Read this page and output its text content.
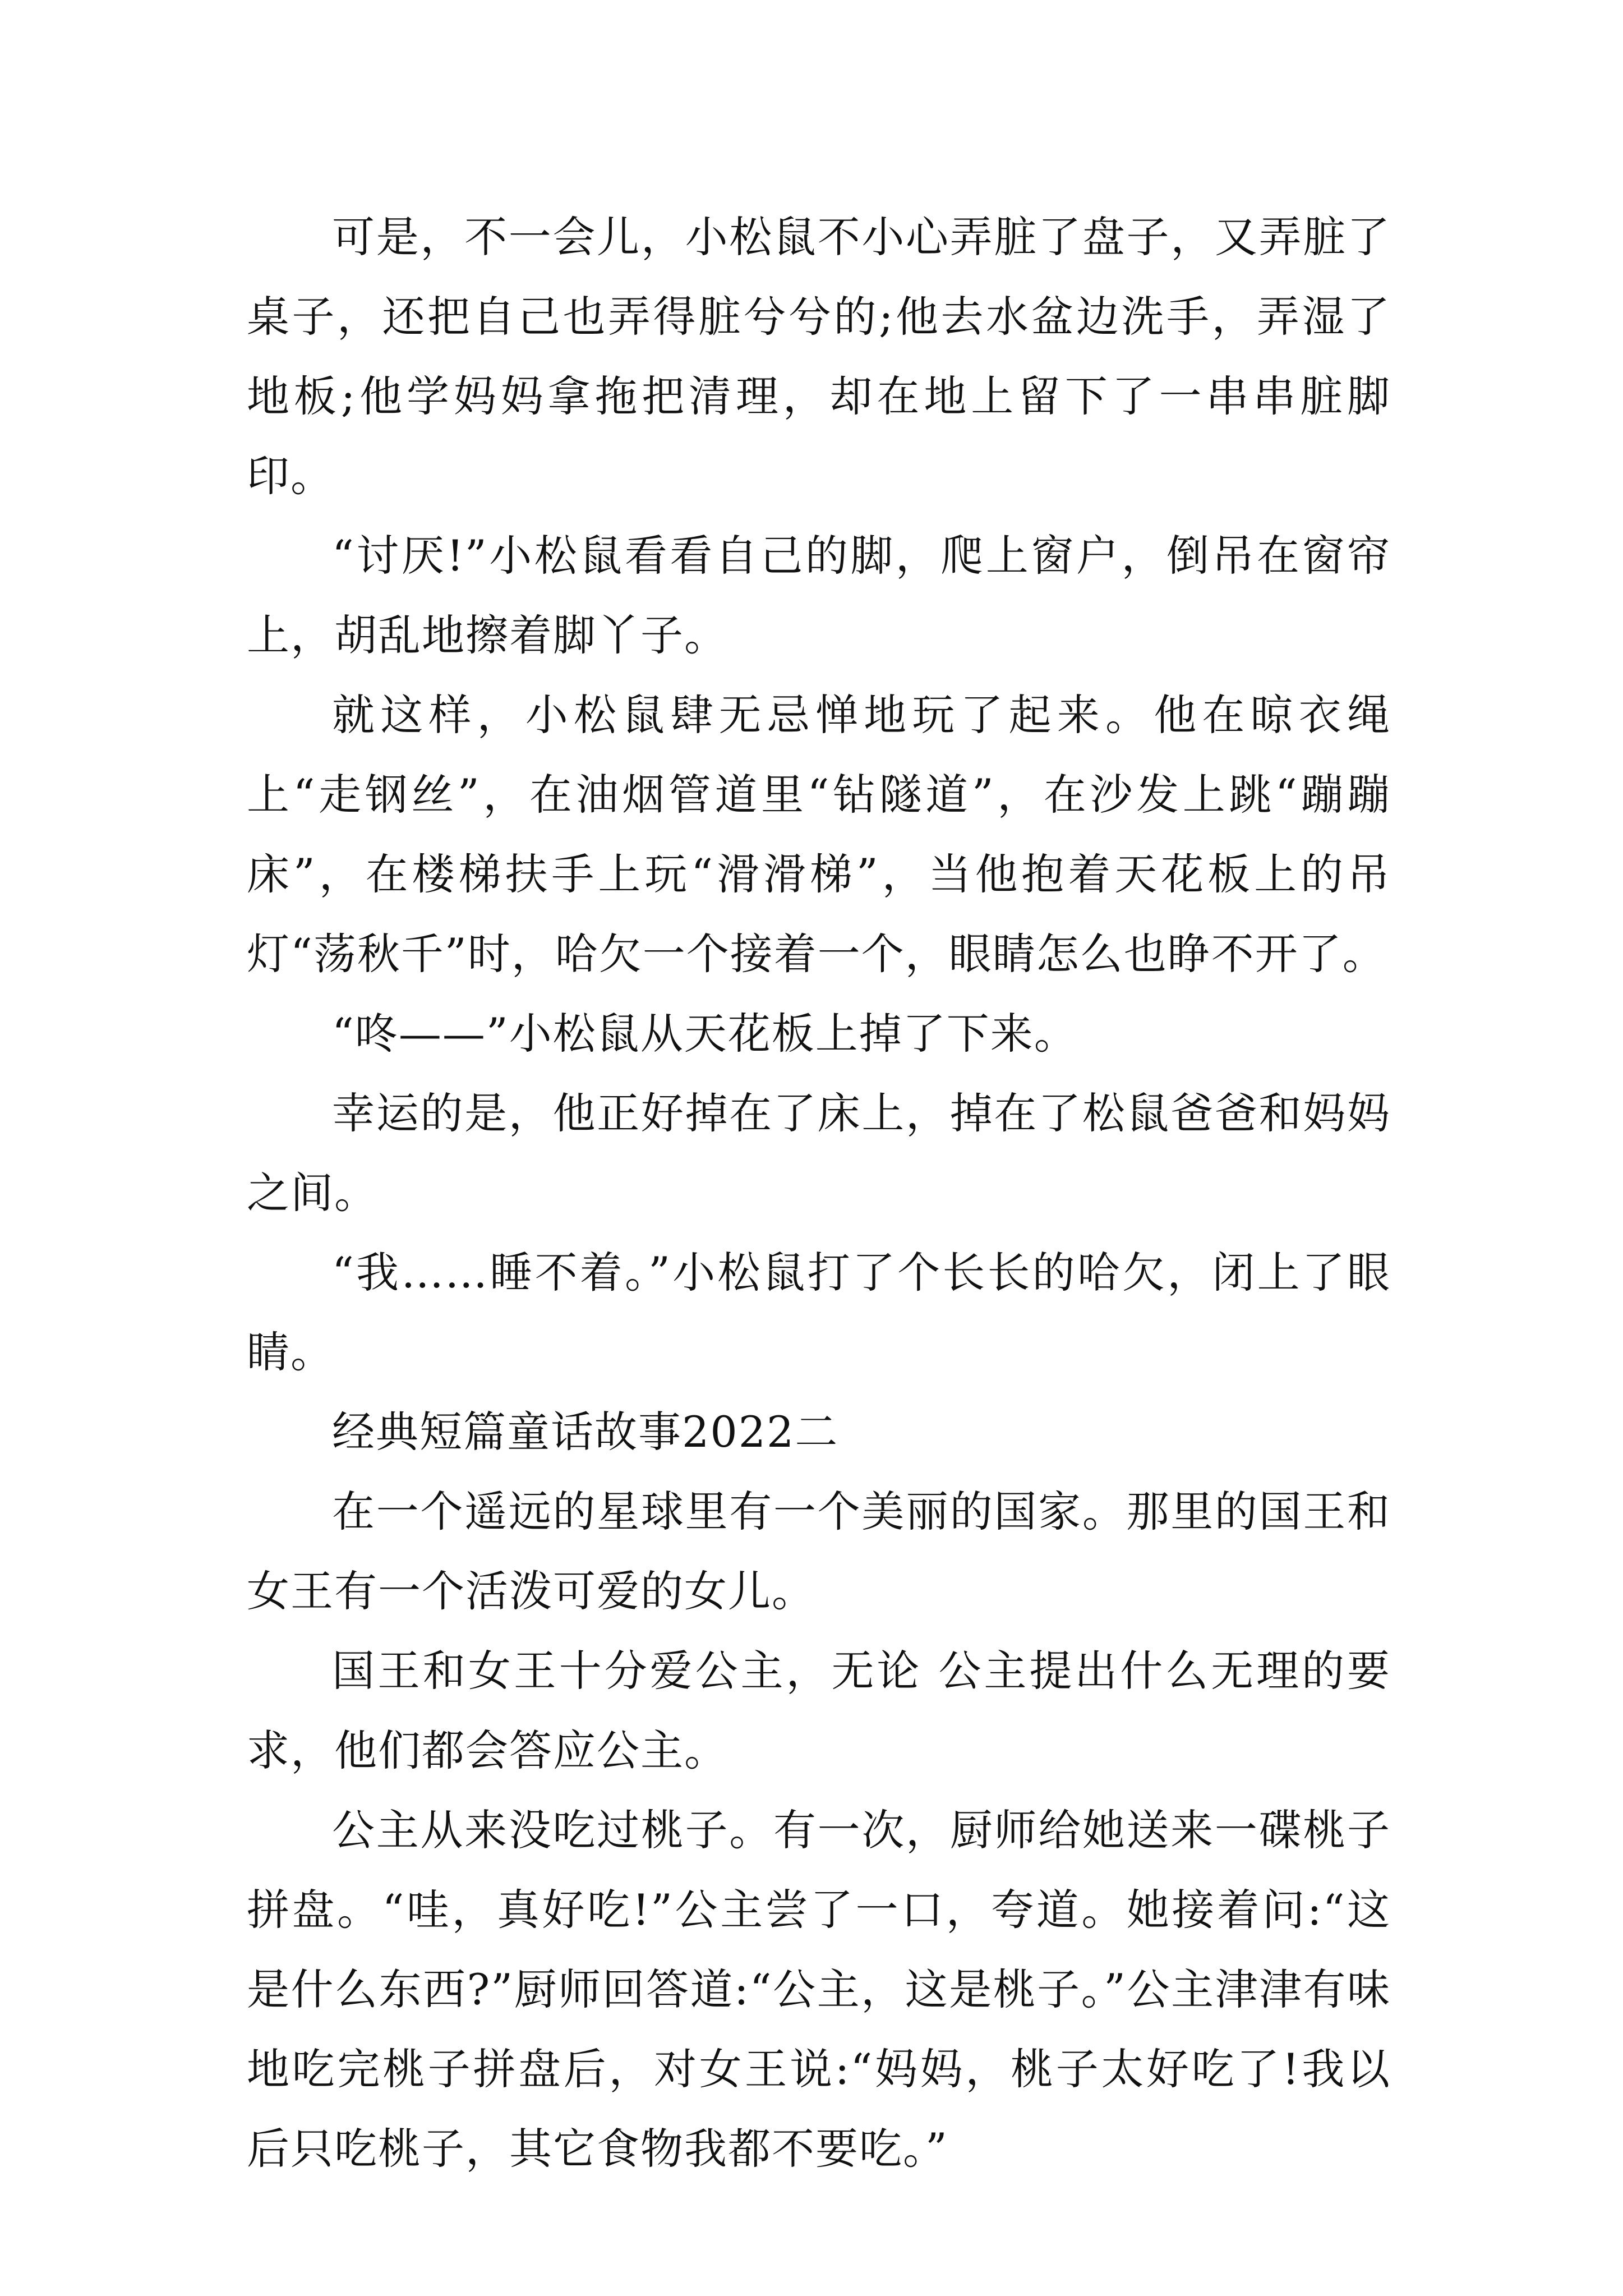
可是，不一会儿，小松鼠不小心弄脏了盘子，又弄脏了桌子，还把自己也弄得脏兮兮的;他去水盆边洗手，弄湿了地板;他学妈妈拿拖把清理，却在地上留下了一串串脏脚印。

“讨厌!”小松鼠看看自己的脚，爬上窗户，倒吊在窗帘上，胡乱地擦着脚丫子。

就这样，小松鼠肆无忌惮地玩了起来。他在晾衣绳上“走钢丝”，在油烟管道里“钻隧道”，在沙发上跳“蹦蹦床”，在楼梯扶手上玩“滑滑梯”，当他抱着天花板上的吊灯“荡秋千”时，哈欠一个接着一个，眼睛怎么也睁不开了。

“咚——”小松鼠从天花板上掉了下来。

幸运的是，他正好掉在了床上，掉在了松鼠爸爸和妈妈之间。

“我……睡不着。”小松鼠打了个长长的哈欠，闭上了眼睛。

经典短篇童话故事2022二

在一个遥远的星球里有一个美丽的国家。那里的国王和女王有一个活泼可爱的女儿。

国王和女王十分爱公主，无论 公主提出什么无理的要求，他们都会答应公主。

公主从来没吃过桃子。有一次，厨师给她送来一碟桃子拼盘。“哇，真好吃!”公主尝了一口，夸道。她接着问:“这是什么东西?”厨师回答道:“公主，这是桃子。”公主津津有味地吃完桃子拼盘后，对女王说:“妈妈，桃子太好吃了!我以后只吃桃子，其它食物我都不要吃。”
